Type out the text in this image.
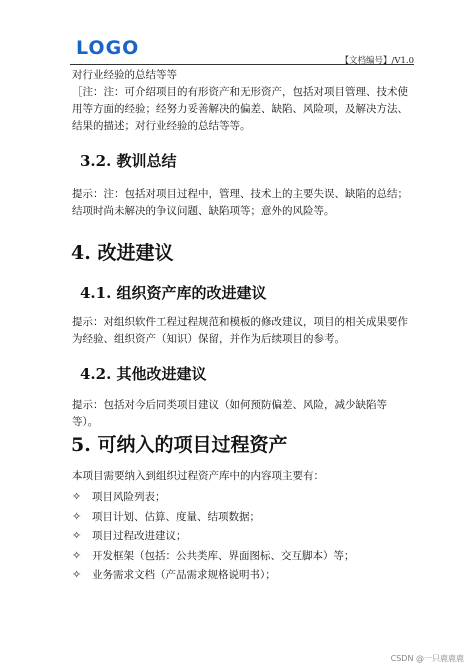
LOGO
【文档编号】/V1.0

对行业经验的总结等等

［注：注：可介绍项目的有形资产和无形资产，包括对项目管理、技术使用等方面的经验；经努力妥善解决的偏差、缺陷、风险项，及解决方法、结果的描述；对行业经验的总结等等。

3.2. 教训总结

提示：注：包括对项目过程中，管理、技术上的主要失误、缺陷的总结；结项时尚未解决的争议问题、缺陷项等；意外的风险等。

4. 改进建议
4.1. 组织资产库的改进建议

提示：对组织软件工程过程规范和模板的修改建议，项目的相关成果要作为经验、组织资产（知识）保留，并作为后续项目的参考。

4.2. 其他改进建议

提示：包括对今后同类项目建议（如何预防偏差、风险，减少缺陷等等）。

5. 可纳入的项目过程资产

本项目需要纳入到组织过程资产库中的内容项主要有：

✧	项目风险列表；
✧	项目计划、估算、度量、结项数据；
✧	项目过程改进建议；
✧	开发框架（包括：公共类库、界面图标、交互脚本）等；
✧	业务需求文档（产品需求规格说明书）；
CSDN @一只鹿鹿鹿
